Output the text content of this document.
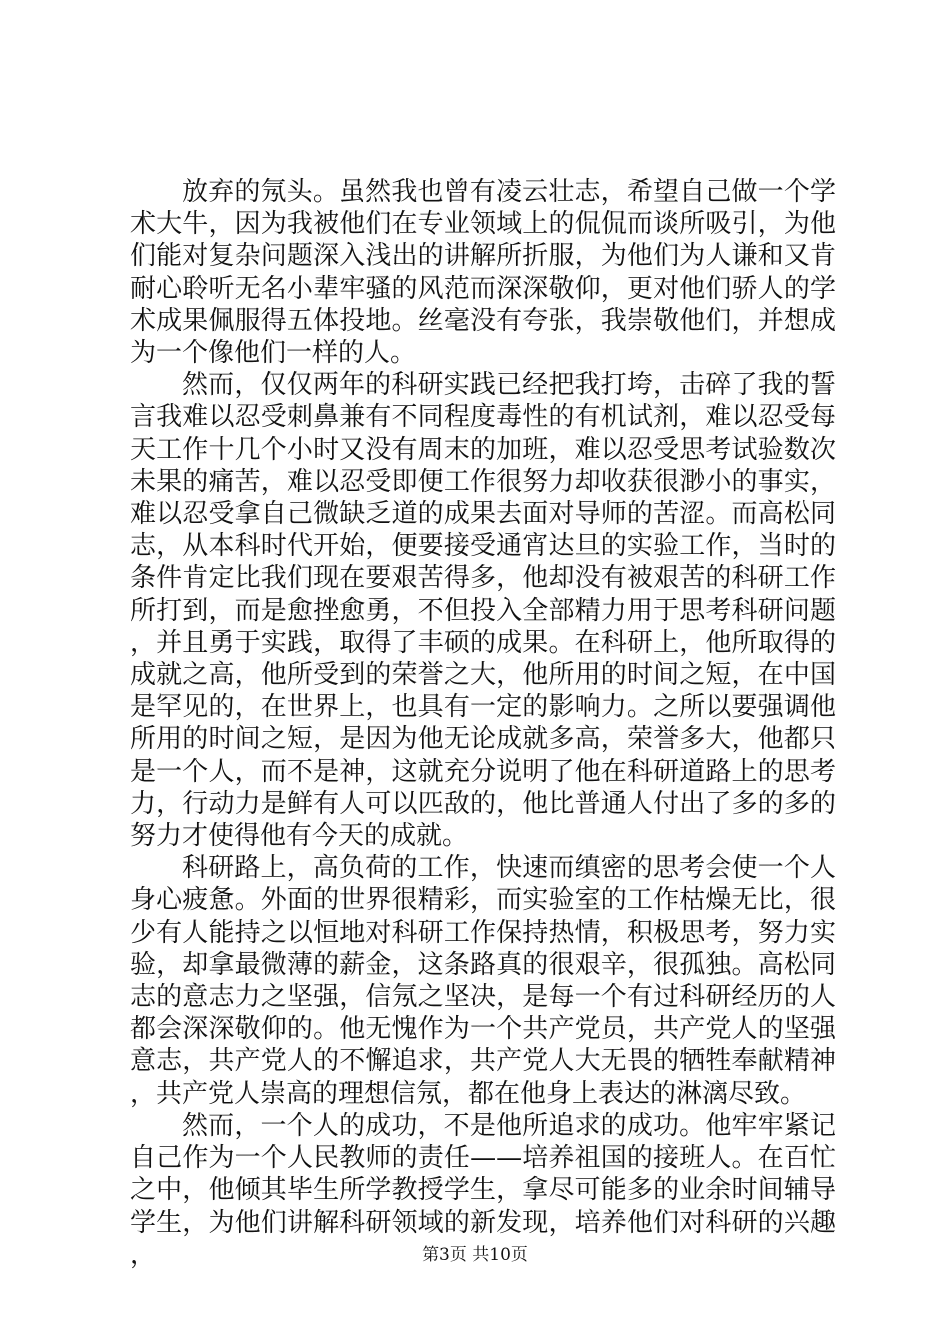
放弃的氖头。虽然我也曾有凌云壮志，希望自己做一个学术大牛，因为我被他们在专业领域上的侃侃而谈所吸引，为他们能对复杂问题深入浅出的讲解所折服，为他们为人谦和又肯耐心聆听无名小辈牢骚的风范而深深敬仰，更对他们骄人的学术成果佩服得五体投地。丝毫没有夸张，我崇敬他们，并想成为一个像他们一样的人。

然而，仅仅两年的科研实践已经把我打垮，击碎了我的誓言我难以忍受刺鼻兼有不同程度毒性的有机试剂，难以忍受每天工作十几个小时又没有周末的加班，难以忍受思考试验数次未果的痛苦，难以忍受即便工作很努力却收获很渺小的事实，难以忍受拿自己微缺乏道的成果去面对导师的苦涩。而高松同志，从本科时代开始，便要接受通宵达旦的实验工作，当时的条件肯定比我们现在要艰苦得多，他却没有被艰苦的科研工作所打到，而是愈挫愈勇，不但投入全部精力用于思考科研问题，并且勇于实践，取得了丰硕的成果。在科研上，他所取得的成就之高，他所受到的荣誉之大，他所用的时间之短，在中国是罕见的，在世界上，也具有一定的影响力。之所以要强调他所用的时间之短，是因为他无论成就多高，荣誉多大，他都只是一个人，而不是神，这就充分说明了他在科研道路上的思考力，行动力是鲜有人可以匹敌的，他比普通人付出了多的多的努力才使得他有今天的成就。

科研路上，高负荷的工作，快速而缜密的思考会使一个人身心疲惫。外面的世界很精彩，而实验室的工作枯燥无比，很少有人能持之以恒地对科研工作保持热情，积极思考，努力实验，却拿最微薄的薪金，这条路真的很艰辛，很孤独。高松同志的意志力之坚强，信氖之坚决，是每一个有过科研经历的人都会深深敬仰的。他无愧作为一个共产党员，共产党人的坚强意志，共产党人的不懈追求，共产党人大无畏的牺牲奉献精神，共产党人崇高的理想信氖，都在他身上表达的淋漓尽致。

然而，一个人的成功，不是他所追求的成功。他牢牢紧记自己作为一个人民教师的责任——培养祖国的接班人。在百忙之中，他倾其毕生所学教授学生，拿尽可能多的业余时间辅导学生，为他们讲解科研领域的新发现，培养他们对科研的兴趣，	第3页 共10页
